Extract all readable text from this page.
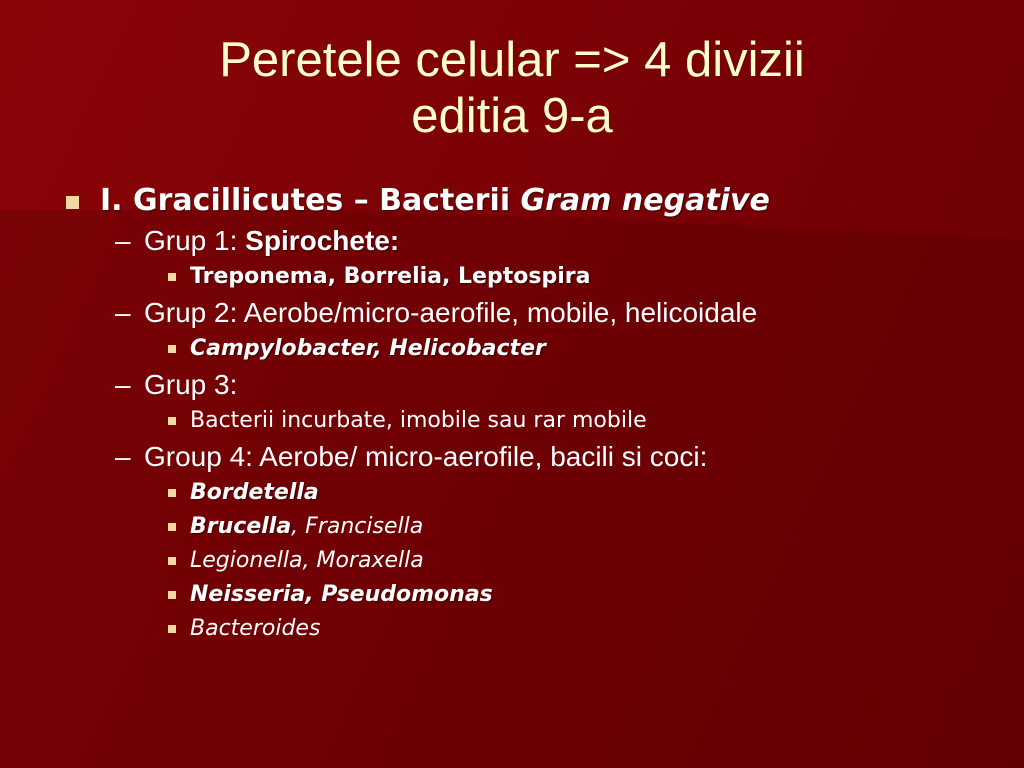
Peretele celular => 4 divizii
editia 9-a
I. Gracillicutes – Bacterii Gram negative
– Grup 1: Spirochete:
Treponema, Borrelia, Leptospira
– Grup 2: Aerobe/micro-aerofile, mobile, helicoidale
Campylobacter, Helicobacter
– Grup 3:
Bacterii incurbate, imobile sau rar mobile
– Group 4: Aerobe/ micro-aerofile, bacili si coci:
Bordetella
Brucella, Francisella
Legionella, Moraxella
Neisseria, Pseudomonas
Bacteroides
